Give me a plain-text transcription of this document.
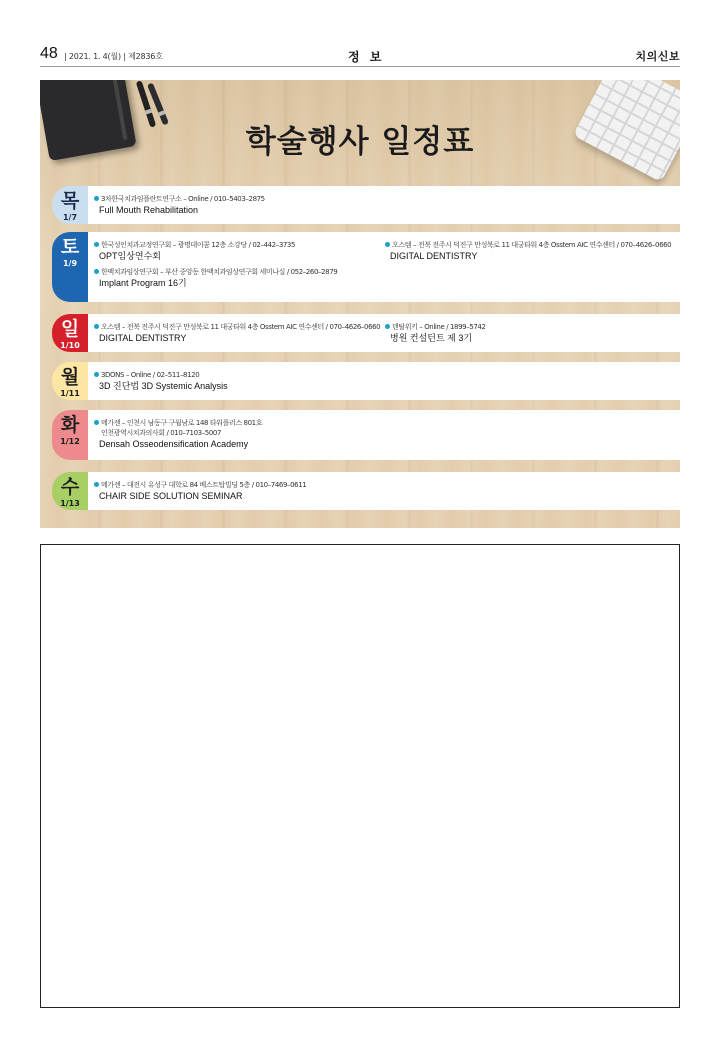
48 | 2021. 1. 4(월) | 제2836호	정 보	치의신보
학술행사 일정표
목
1/7
3차한국치과임플란트연구소 – Online / 010–5403–2875
Full Mouth Rehabilitation
토
1/9
한국성인치과교정연구회 – 광명데이콤 12층 소강당 / 02–442–3735
OPT임상연수회
한맥치과임상연구회 – 부산 중앙동 한맥치과임상연구회 세미나실 / 052–260–2879
Implant Program 16기
오스템 – 전북 전주시 덕진구 만성북로 11 대궁타워 4층 Osstem AIC 연수센터 / 070–4626–0660
DIGITAL DENTISTRY
일
1/10
오스템 – 전북 전주시 덕진구 만성북로 11 대궁타워 4층 Osstem AIC 연수센터 / 070–4626–0660
DIGITAL DENTISTRY
덴탈위키 – Online / 1899–5742
병원 컨설턴트 제 3기
월
1/11
3DONS – Online / 02–511–8120
3D 진단법 3D Systemic Analysis
화
1/12
메가젠 – 인천시 남동구 구월남로 148 타워플러스 801호
인천광역시치과의사회 / 010–7103–5007
Densah Osseodensification Academy
수
1/13
메가젠 – 대전시 유성구 대학로 84 베스트탑빌딩 5층 / 010–7469–0611
CHAIR SIDE SOLUTION SEMINAR
